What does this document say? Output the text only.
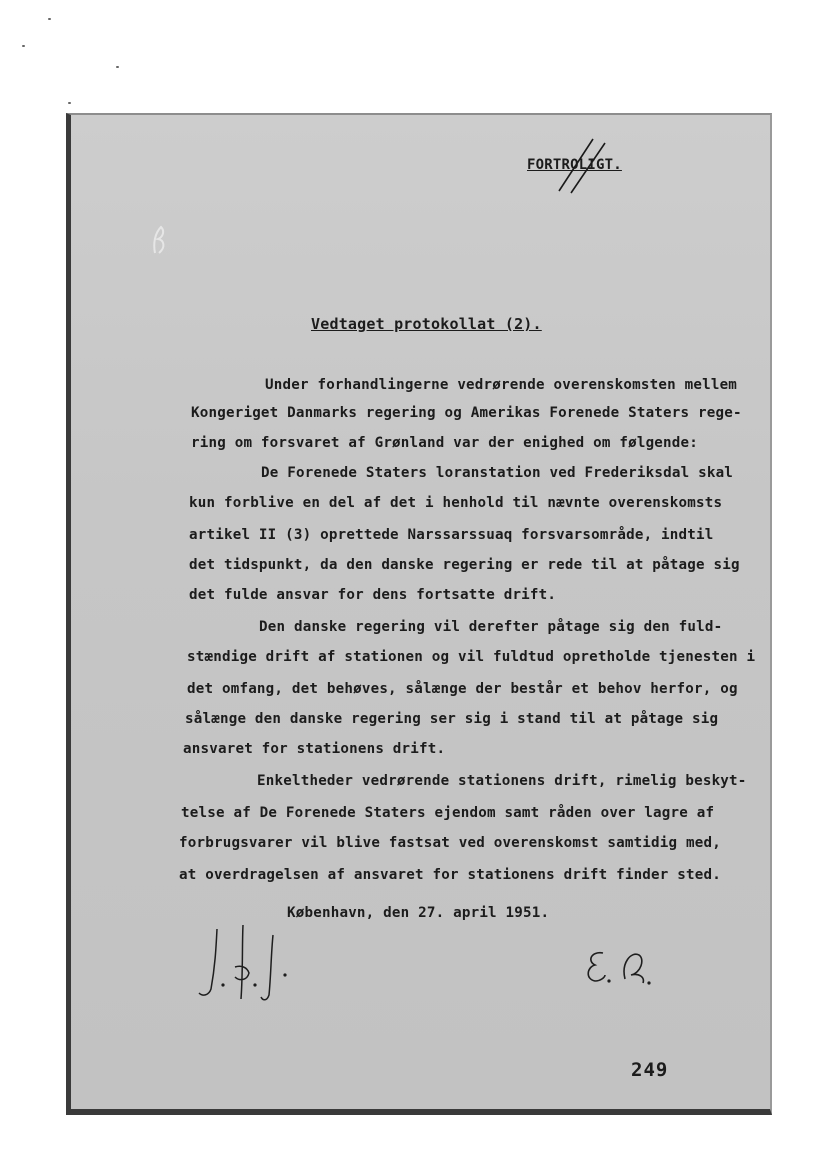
FORTROLIGT.
Vedtaget protokollat (2).
Under forhandlingerne vedrørende overenskomsten mellem
Kongeriget Danmarks regering og Amerikas Forenede Staters rege-
ring om forsvaret af Grønland var der enighed om følgende:
De Forenede Staters loranstation ved Frederiksdal skal
kun forblive en del af det i henhold til nævnte overenskomsts
artikel II (3) oprettede Narssarssuaq forsvarsområde, indtil
det tidspunkt, da den danske regering er rede til at påtage sig
det fulde ansvar for dens fortsatte drift.
Den danske regering vil derefter påtage sig den fuld-
stændige drift af stationen og vil fuldtud opretholde tjenesten i
det omfang, det behøves, sålænge der består et behov herfor, og
sålænge den danske regering ser sig i stand til at påtage sig
ansvaret for stationens drift.
Enkeltheder vedrørende stationens drift, rimelig beskyt-
telse af De Forenede Staters ejendom samt råden over lagre af
forbrugsvarer vil blive fastsat ved overenskomst samtidig med,
at overdragelsen af ansvaret for stationens drift finder sted.
København, den 27. april 1951.
249
